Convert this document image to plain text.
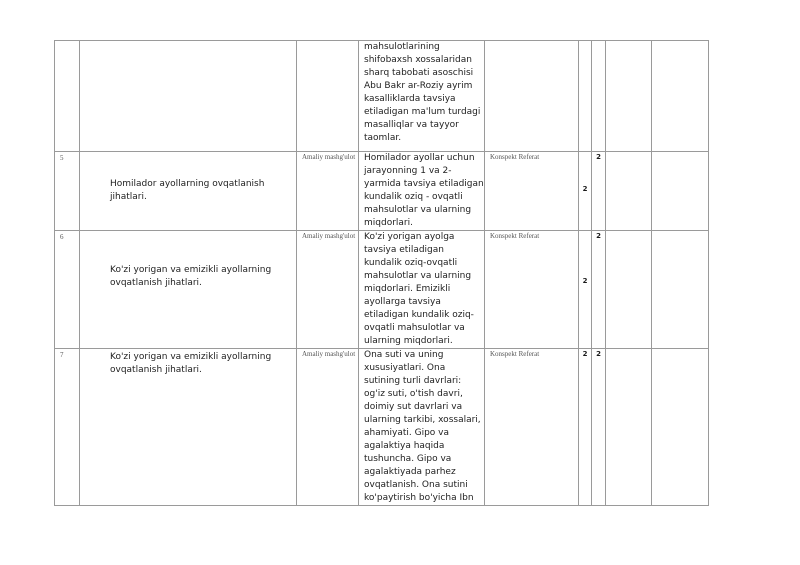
			mahsulotlarining shifobaxsh xossalaridan sharq tabobati asoschisi Abu Bakr ar-Roziy ayrim kasalliklarda tavsiya etiladigan ma'lum turdagi masalliqlar va tayyor taomlar.					

5	Homilador ayollarning ovqatlanish jihatlari.	Amaliy mashg'ulot	Homilador ayollar uchun jarayonning 1 va 2-yarmida tavsiya etiladigan kundalik oziq - ovqatli mahsulotlar va ularning miqdorlari.	Konspekt Referat	2	2		

6	Ko'zi yorigan va emizikli ayollarning ovqatlanish jihatlari.	Amaliy mashg'ulot	Ko'zi yorigan ayolga tavsiya etiladigan kundalik oziq-ovqatli mahsulotlar va ularning miqdorlari. Emizikli ayollarga tavsiya etiladigan kundalik oziq-ovqatli mahsulotlar va ularning miqdorlari.	Konspekt Referat	2	2		

7	Ko'zi yorigan va emizikli ayollarning ovqatlanish jihatlari.	Amaliy mashg'ulot	Ona suti va uning xususiyatlari. Ona sutining turli davrlari: og'iz suti, o'tish davri, doimiy sut davrlari va ularning tarkibi, xossalari, ahamiyati. Gipo va agalaktiya haqida tushuncha. Gipo va agalaktiyada parhez ovqatlanish. Ona sutini ko'paytirish bo'yicha Ibn	Konspekt Referat	2	2		
